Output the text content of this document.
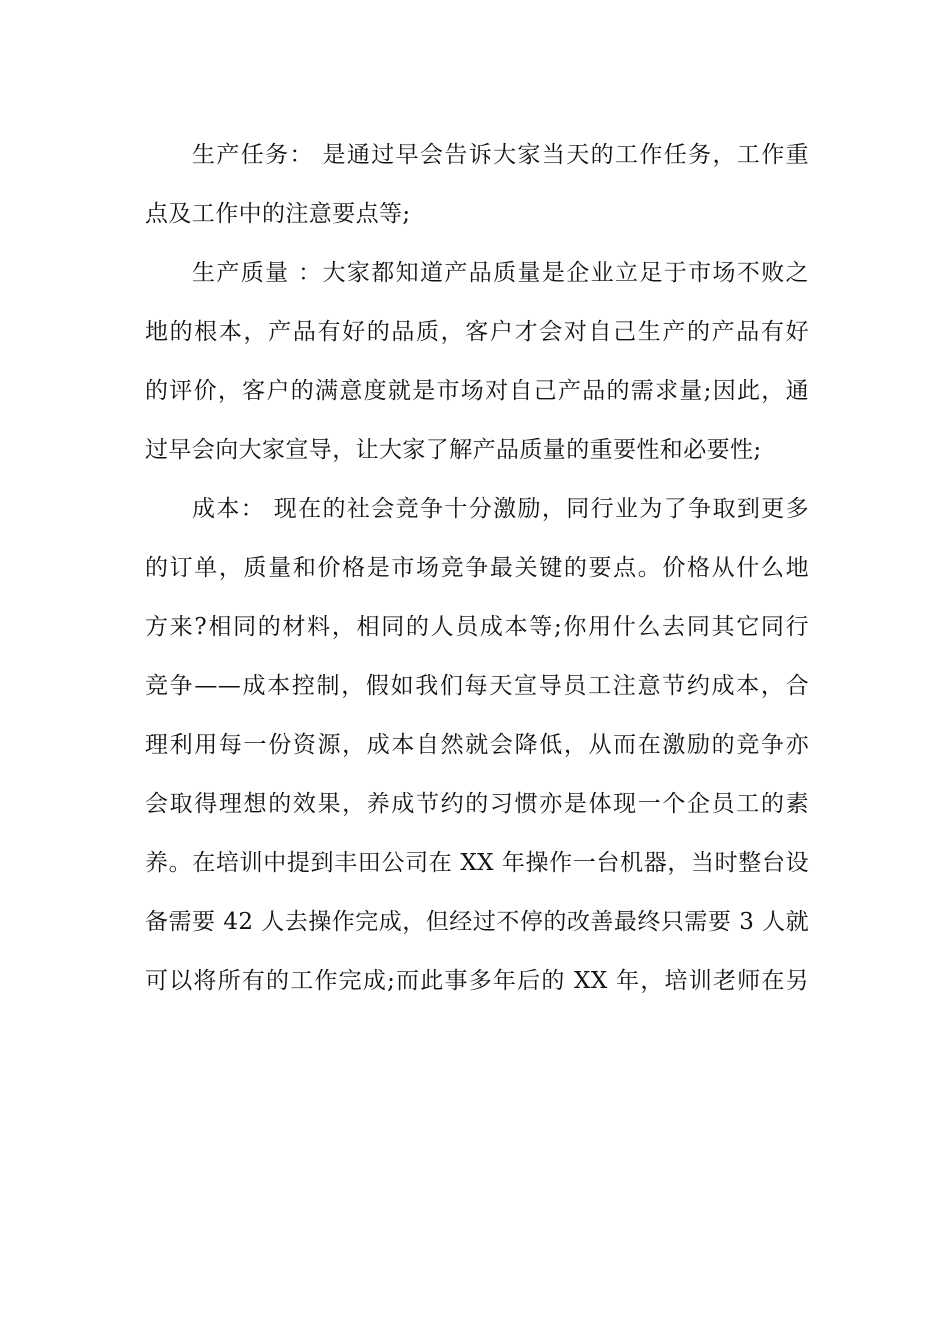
生产任务： 是通过早会告诉大家当天的工作任务，工作重
点及工作中的注意要点等;
生产质量 ：大家都知道产品质量是企业立足于市场不败之
地的根本，产品有好的品质，客户才会对自己生产的产品有好
的评价，客户的满意度就是市场对自己产品的需求量;因此，通
过早会向大家宣导，让大家了解产品质量的重要性和必要性;
成本： 现在的社会竞争十分激励，同行业为了争取到更多
的订单，质量和价格是市场竞争最关键的要点。价格从什么地
方来?相同的材料，相同的人员成本等;你用什么去同其它同行
竞争——成本控制，假如我们每天宣导员工注意节约成本，合
理利用每一份资源，成本自然就会降低，从而在激励的竞争亦
会取得理想的效果，养成节约的习惯亦是体现一个企员工的素
养。在培训中提到丰田公司在 XX 年操作一台机器，当时整台设
备需要 42 人去操作完成，但经过不停的改善最终只需要 3 人就
可以将所有的工作完成;而此事多年后的 XX 年，培训老师在另
